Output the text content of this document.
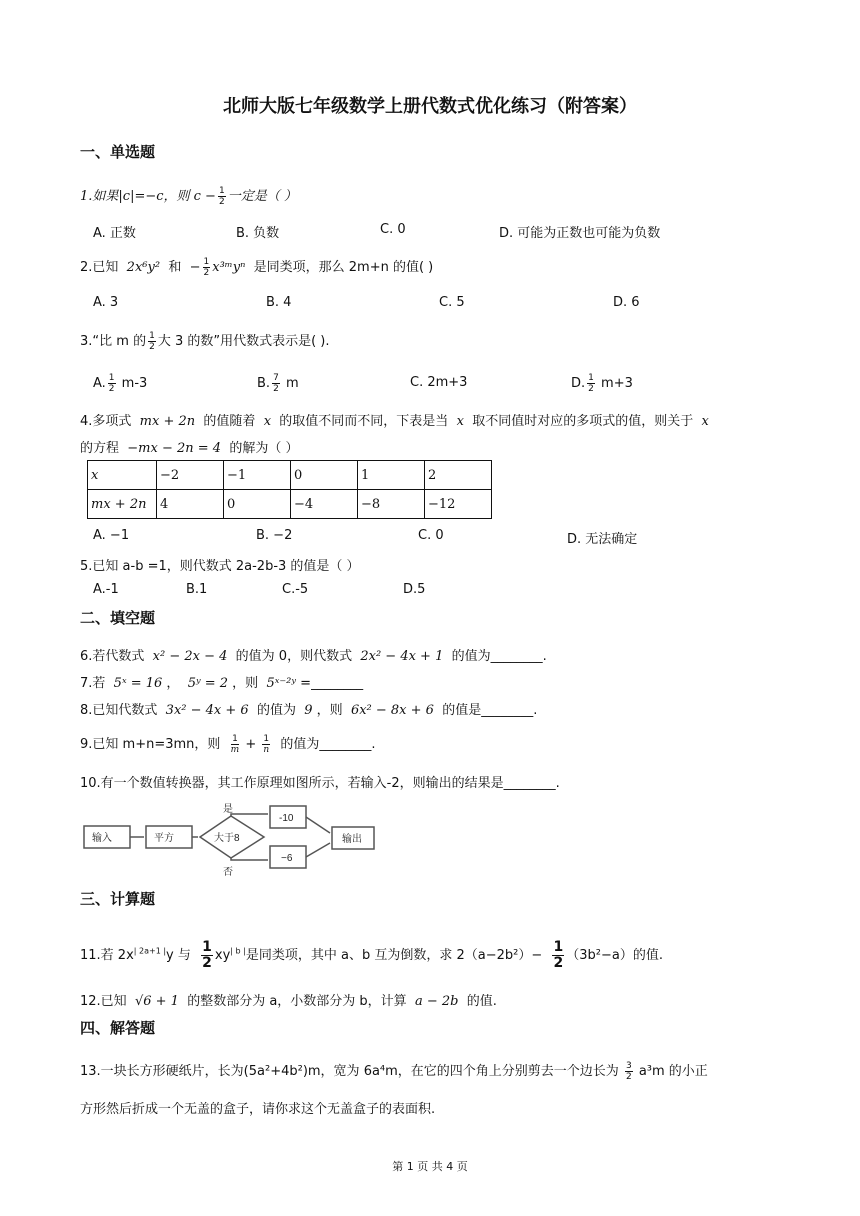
北师大版七年级数学上册代数式优化练习（附答案）
一、单选题
1.如果|c|=−c，则 $c - \frac{1}{2}$ 一定是（ ）
A. 正数	B. 负数	C. 0	D. 可能为正数也可能为负数
2.已知 2x⁶y² 和 − $\frac{1}{2}$ x³ᵐyⁿ 是同类项，那么 2m+n 的值( )
A. 3	B. 4	C. 5	D. 6
3.“比 m 的 $\frac{1}{2}$ 大 3 的数”用代数式表示是( ).
A. $\frac{1}{2} m-3$	B. $\frac{7}{2}$ m	C. 2m+3	D. $\frac{1}{2} m+3$
4.多项式 mx + 2n 的值随着 x 的取值不同而不同，下表是当 x 取不同值时对应的多项式的值，则关于 x
的方程 −mx − 2n = 4 的解为（ ）
x	−2	−1	0	1	2
mx + 2n	4	0	−4	−8	−12
A. −1	B. −2	C. 0	D. 无法确定
5.已知 a-b =1，则代数式 2a-2b-3 的值是（ ）
A.-1	B.1	C.-5	D.5
二、填空题
6.若代数式 x² − 2x − 4 的值为 0，则代数式 2x² − 4x + 1 的值为________.
7.若 5ˣ = 16 ， 5ʸ = 2 ，则 5ˣ⁻²ʸ =________
8.已知代数式 3x² − 4x + 6 的值为 9 ，则 6x² − 8x + 6 的值是________.
9.已知 m+n=3mn，则 $\frac{1}{m} + \frac{1}{n}$ 的值为________.
10.有一个数值转换器，其工作原理如图所示，若输入-2，则输出的结果是________.
输入	平方	大于8
是
否
-10
−6
输出
三、计算题
11.若 $2x^{| 2a+1 |}y$ 与 $\frac{1}{2} xy^{| b |}$是同类项，其中 a、b 互为倒数，求 $2(a-2b^2)- \frac{1}{2} (3b^2-a)$的值.
12.已知 √6 + 1 的整数部分为 a，小数部分为 b，计算 a − 2b 的值.
四、解答题
13.一块长方形硬纸片，长为(5a²+4b²)m，宽为 6a⁴m，在它的四个角上分别剪去一个边长为 $\frac{3}{2} a^3m$ 的小正
方形然后折成一个无盖的盒子，请你求这个无盖盒子的表面积.
第 1 页 共 4 页
